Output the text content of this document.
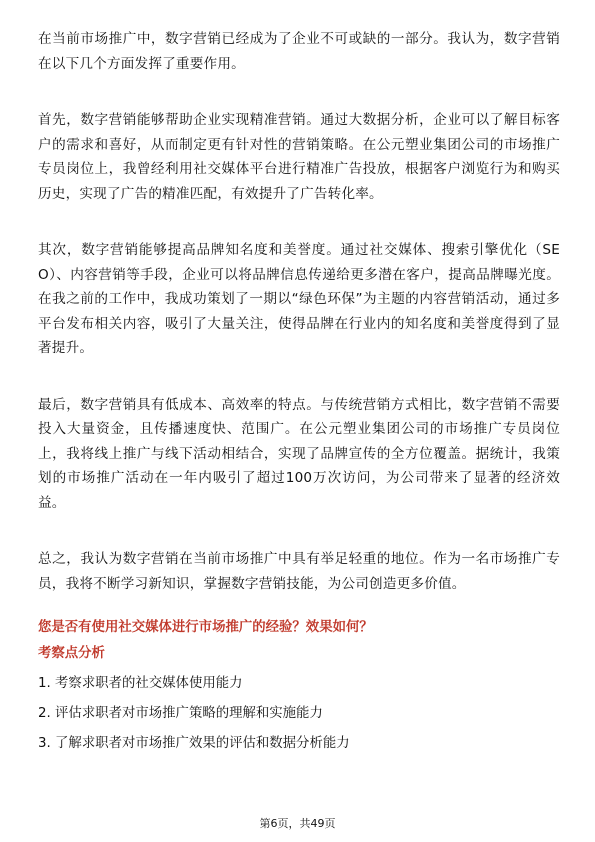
在当前市场推广中，数字营销已经成为了企业不可或缺的一部分。我认为，数字营销在以下几个方面发挥了重要作用。

首先，数字营销能够帮助企业实现精准营销。通过大数据分析，企业可以了解目标客户的需求和喜好，从而制定更有针对性的营销策略。在公元塑业集团公司的市场推广专员岗位上，我曾经利用社交媒体平台进行精准广告投放，根据客户浏览行为和购买历史，实现了广告的精准匹配，有效提升了广告转化率。

其次，数字营销能够提高品牌知名度和美誉度。通过社交媒体、搜索引擎优化（SEO）、内容营销等手段，企业可以将品牌信息传递给更多潜在客户，提高品牌曝光度。在我之前的工作中，我成功策划了一期以“绿色环保”为主题的内容营销活动，通过多平台发布相关内容，吸引了大量关注，使得品牌在行业内的知名度和美誉度得到了显著提升。

最后，数字营销具有低成本、高效率的特点。与传统营销方式相比，数字营销不需要投入大量资金，且传播速度快、范围广。在公元塑业集团公司的市场推广专员岗位上，我将线上推广与线下活动相结合，实现了品牌宣传的全方位覆盖。据统计，我策划的市场推广活动在一年内吸引了超过100万次访问，为公司带来了显著的经济效益。

总之，我认为数字营销在当前市场推广中具有举足轻重的地位。作为一名市场推广专员，我将不断学习新知识，掌握数字营销技能，为公司创造更多价值。

您是否有使用社交媒体进行市场推广的经验？效果如何？

考察点分析

1. 考察求职者的社交媒体使用能力

2. 评估求职者对市场推广策略的理解和实施能力

3. 了解求职者对市场推广效果的评估和数据分析能力

第6页，共49页
